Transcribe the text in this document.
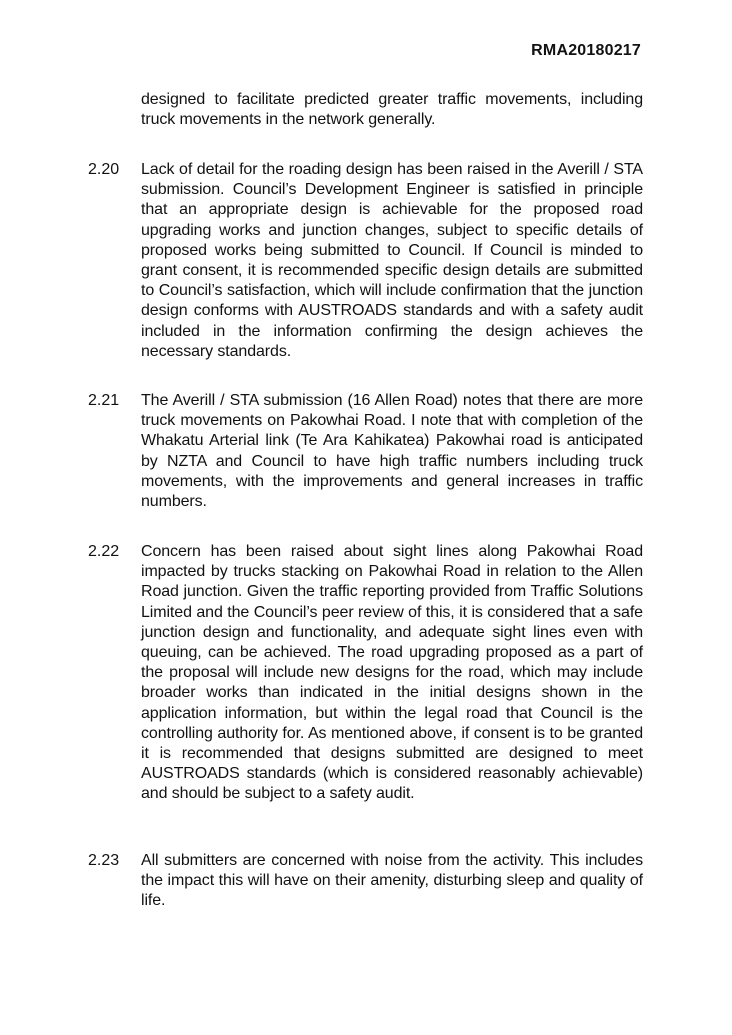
RMA20180217
designed to facilitate predicted greater traffic movements, including truck movements in the network generally.
2.20 Lack of detail for the roading design has been raised in the Averill / STA submission. Council’s Development Engineer is satisfied in principle that an appropriate design is achievable for the proposed road upgrading works and junction changes, subject to specific details of proposed works being submitted to Council. If Council is minded to grant consent, it is recommended specific design details are submitted to Council’s satisfaction, which will include confirmation that the junction design conforms with AUSTROADS standards and with a safety audit included in the information confirming the design achieves the necessary standards.
2.21 The Averill / STA submission (16 Allen Road) notes that there are more truck movements on Pakowhai Road. I note that with completion of the Whakatu Arterial link (Te Ara Kahikatea) Pakowhai road is anticipated by NZTA and Council to have high traffic numbers including truck movements, with the improvements and general increases in traffic numbers.
2.22 Concern has been raised about sight lines along Pakowhai Road impacted by trucks stacking on Pakowhai Road in relation to the Allen Road junction. Given the traffic reporting provided from Traffic Solutions Limited and the Council’s peer review of this, it is considered that a safe junction design and functionality, and adequate sight lines even with queuing, can be achieved. The road upgrading proposed as a part of the proposal will include new designs for the road, which may include broader works than indicated in the initial designs shown in the application information, but within the legal road that Council is the controlling authority for. As mentioned above, if consent is to be granted it is recommended that designs submitted are designed to meet AUSTROADS standards (which is considered reasonably achievable) and should be subject to a safety audit.
2.23 All submitters are concerned with noise from the activity. This includes the impact this will have on their amenity, disturbing sleep and quality of life.
